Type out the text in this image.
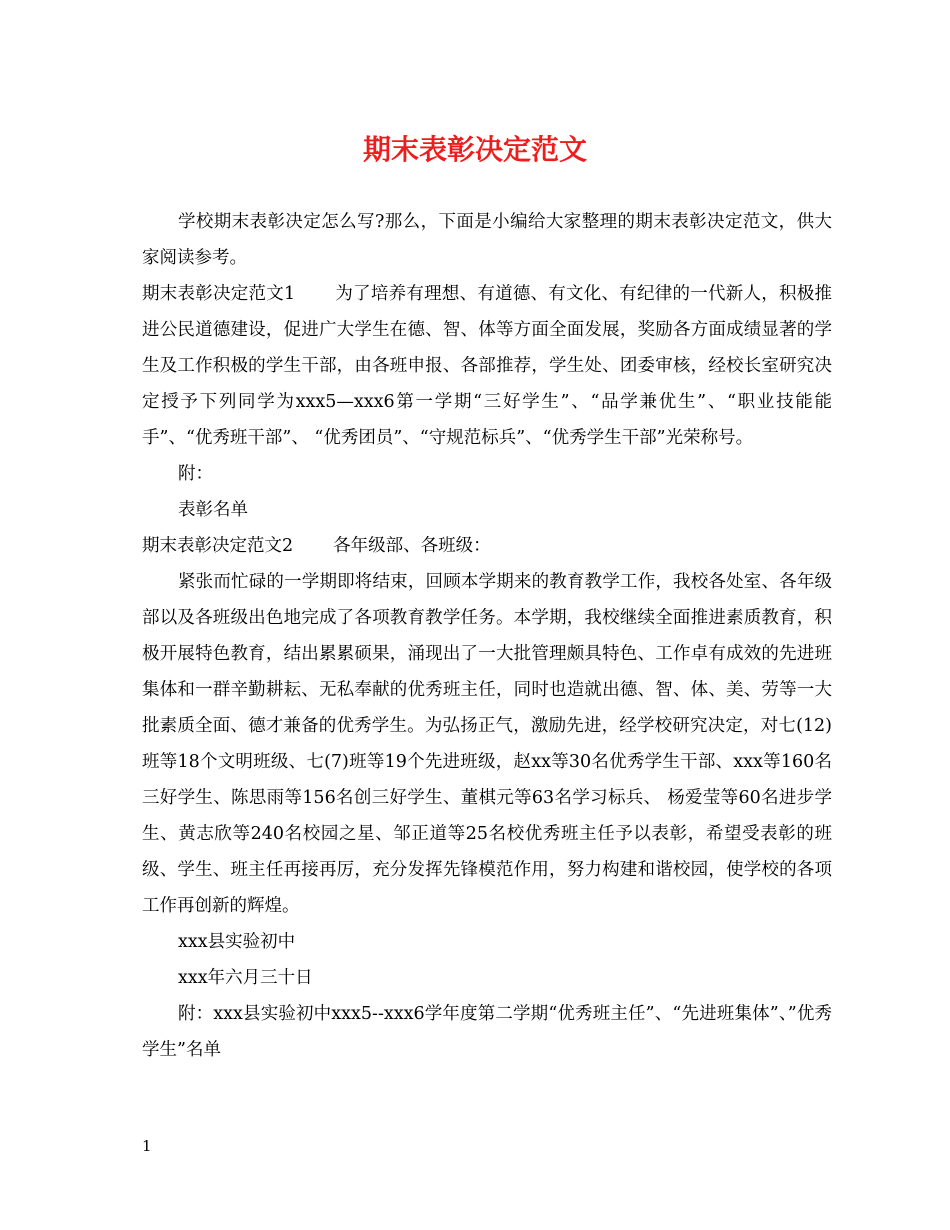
期末表彰决定范文

学校期末表彰决定怎么写?那么，下面是小编给大家整理的期末表彰决定范文，供大家阅读参考。

期末表彰决定范文1 为了培养有理想、有道德、有文化、有纪律的一代新人，积极推进公民道德建设，促进广大学生在德、智、体等方面全面发展，奖励各方面成绩显著的学生及工作积极的学生干部，由各班申报、各部推荐，学生处、团委审核，经校长室研究决定授予下列同学为xxx5—xxx6第一学期“三好学生”、“品学兼优生”、“职业技能能手”、“优秀班干部”、 “优秀团员”、“守规范标兵”、“优秀学生干部”光荣称号。

附：

表彰名单

期末表彰决定范文2 各年级部、各班级：

紧张而忙碌的一学期即将结束，回顾本学期来的教育教学工作，我校各处室、各年级部以及各班级出色地完成了各项教育教学任务。本学期，我校继续全面推进素质教育，积极开展特色教育，结出累累硕果，涌现出了一大批管理颇具特色、工作卓有成效的先进班集体和一群辛勤耕耘、无私奉献的优秀班主任，同时也造就出德、智、体、美、劳等一大批素质全面、德才兼备的优秀学生。为弘扬正气，激励先进，经学校研究决定，对七(12)班等18个文明班级、七(7)班等19个先进班级，赵xx等30名优秀学生干部、xxx等160名三好学生、陈思雨等156名创三好学生、董棋元等63名学习标兵、 杨爱莹等60名进步学生、黄志欣等240名校园之星、邹正道等25名校优秀班主任予以表彰，希望受表彰的班级、学生、班主任再接再厉，充分发挥先锋模范作用，努力构建和谐校园，使学校的各项工作再创新的辉煌。

xxx县实验初中

xxx年六月三十日

附：xxx县实验初中xxx5--xxx6学年度第二学期“优秀班主任”、“先进班集体”、”优秀学生”名单

1
